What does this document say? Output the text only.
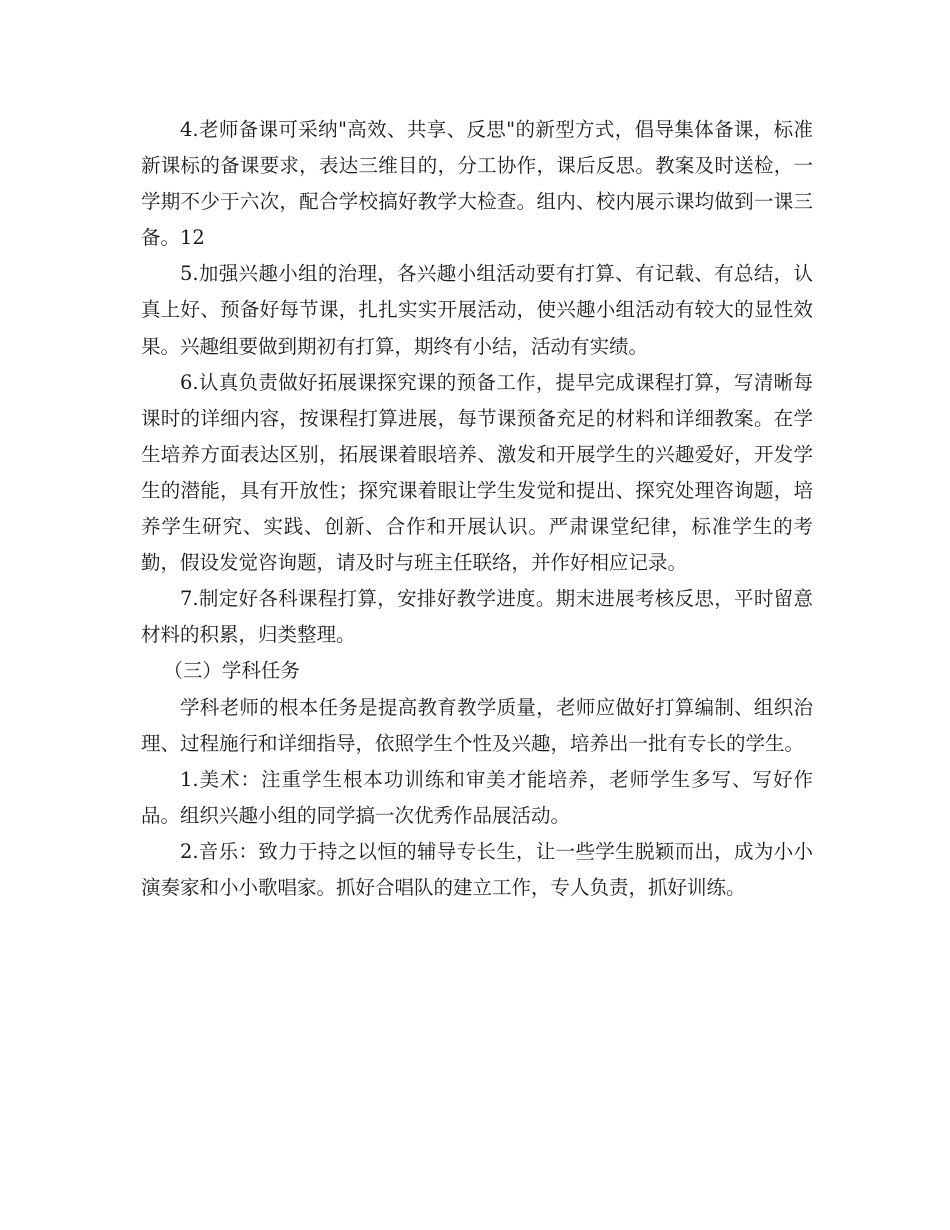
4.老师备课可采纳"高效、共享、反思"的新型方式，倡导集体备课，标准新课标的备课要求，表达三维目的，分工协作，课后反思。教案及时送检，一学期不少于六次，配合学校搞好教学大检查。组内、校内展示课均做到一课三备。12

5.加强兴趣小组的治理，各兴趣小组活动要有打算、有记载、有总结，认真上好、预备好每节课，扎扎实实开展活动，使兴趣小组活动有较大的显性效果。兴趣组要做到期初有打算，期终有小结，活动有实绩。

6.认真负责做好拓展课探究课的预备工作，提早完成课程打算，写清晰每课时的详细内容，按课程打算进展，每节课预备充足的材料和详细教案。在学生培养方面表达区别，拓展课着眼培养、激发和开展学生的兴趣爱好，开发学生的潜能，具有开放性；探究课着眼让学生发觉和提出、探究处理咨询题，培养学生研究、实践、创新、合作和开展认识。严肃课堂纪律，标准学生的考勤，假设发觉咨询题，请及时与班主任联络，并作好相应记录。

7.制定好各科课程打算，安排好教学进度。期末进展考核反思，平时留意材料的积累，归类整理。

（三）学科任务

学科老师的根本任务是提高教育教学质量，老师应做好打算编制、组织治理、过程施行和详细指导，依照学生个性及兴趣，培养出一批有专长的学生。

1.美术：注重学生根本功训练和审美才能培养，老师学生多写、写好作品。组织兴趣小组的同学搞一次优秀作品展活动。

2.音乐：致力于持之以恒的辅导专长生，让一些学生脱颖而出，成为小小演奏家和小小歌唱家。抓好合唱队的建立工作，专人负责，抓好训练。
